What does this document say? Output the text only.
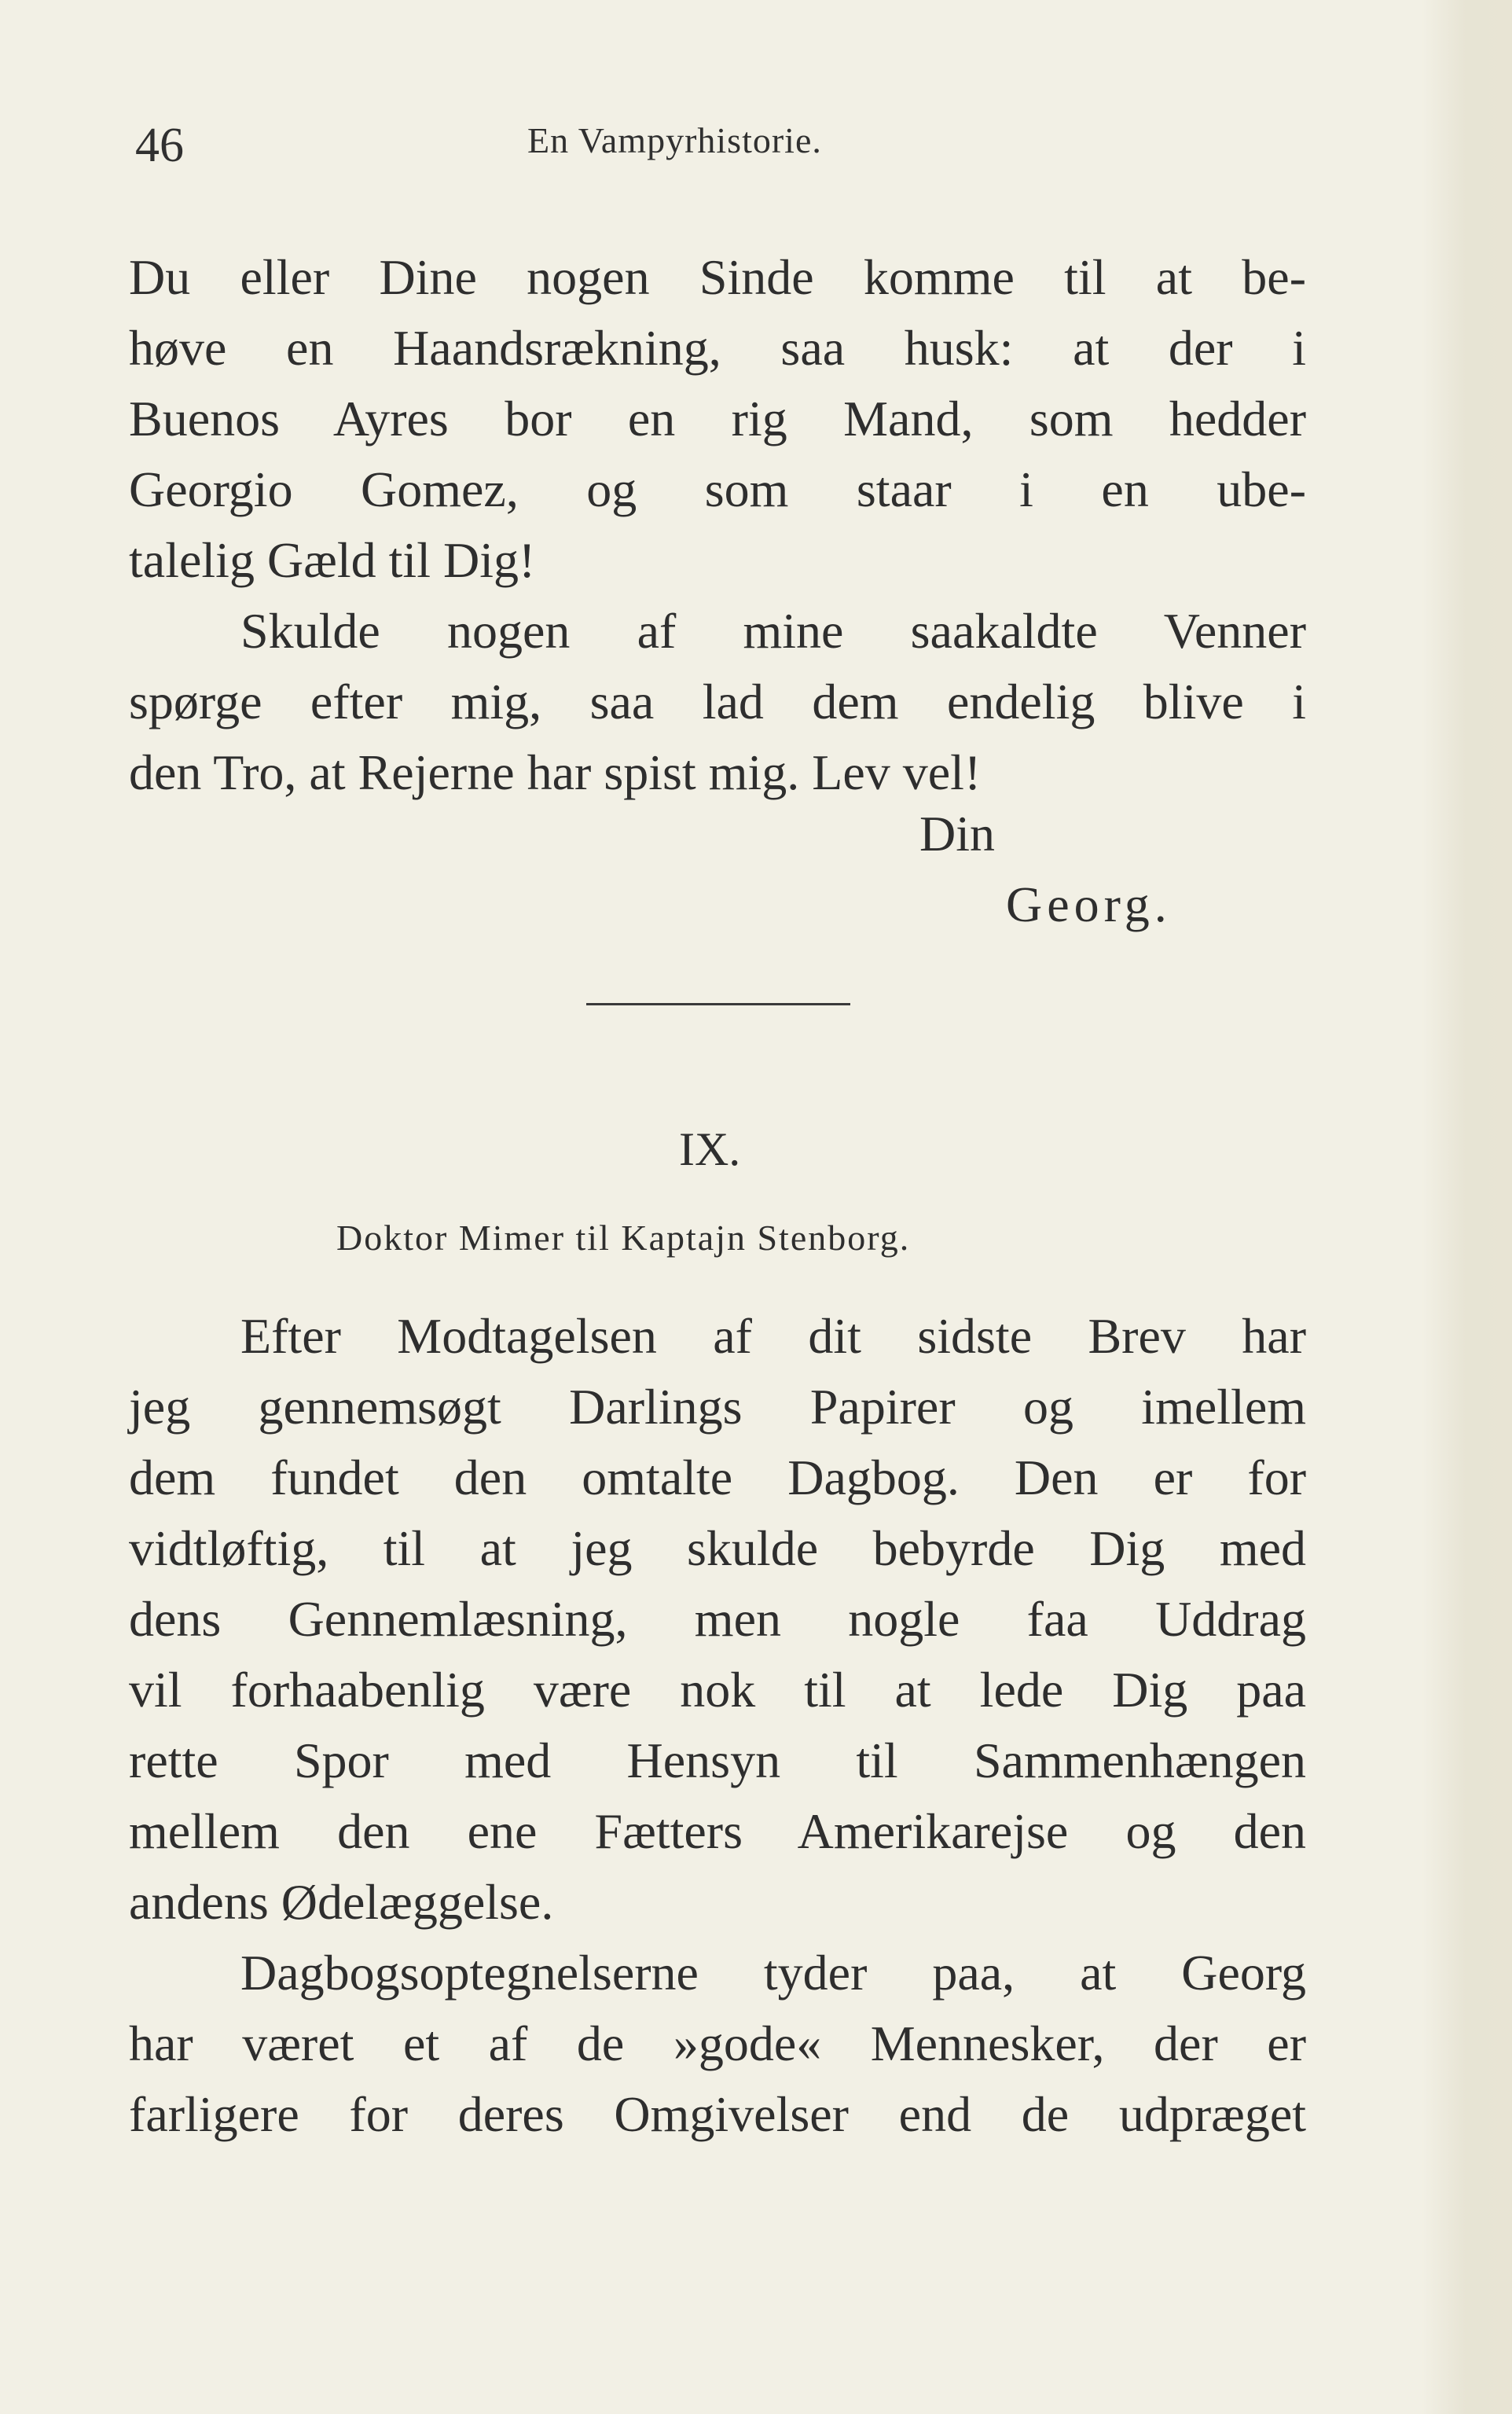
46	En Vampyrhistorie.
Du eller Dine nogen Sinde komme til at be-
høve en Haandsrækning, saa husk: at der i
Buenos Ayres bor en rig Mand, som hedder
Georgio Gomez, og som staar i en ube-
talelig Gæld til Dig!
Skulde nogen af mine saakaldte Venner
spørge efter mig, saa lad dem endelig blive i
den Tro, at Rejerne har spist mig. Lev vel!
Din
Georg.
IX.
Doktor Mimer til Kaptajn Stenborg.
Efter Modtagelsen af dit sidste Brev har
jeg gennemsøgt Darlings Papirer og imellem
dem fundet den omtalte Dagbog. Den er for
vidtløftig, til at jeg skulde bebyrde Dig med
dens Gennemlæsning, men nogle faa Uddrag
vil forhaabenlig være nok til at lede Dig paa
rette Spor med Hensyn til Sammenhængen
mellem den ene Fætters Amerikarejse og den
andens Ødelæggelse.
Dagbogsoptegnelserne tyder paa, at Georg
har været et af de »gode« Mennesker, der er
farligere for deres Omgivelser end de udpræget
